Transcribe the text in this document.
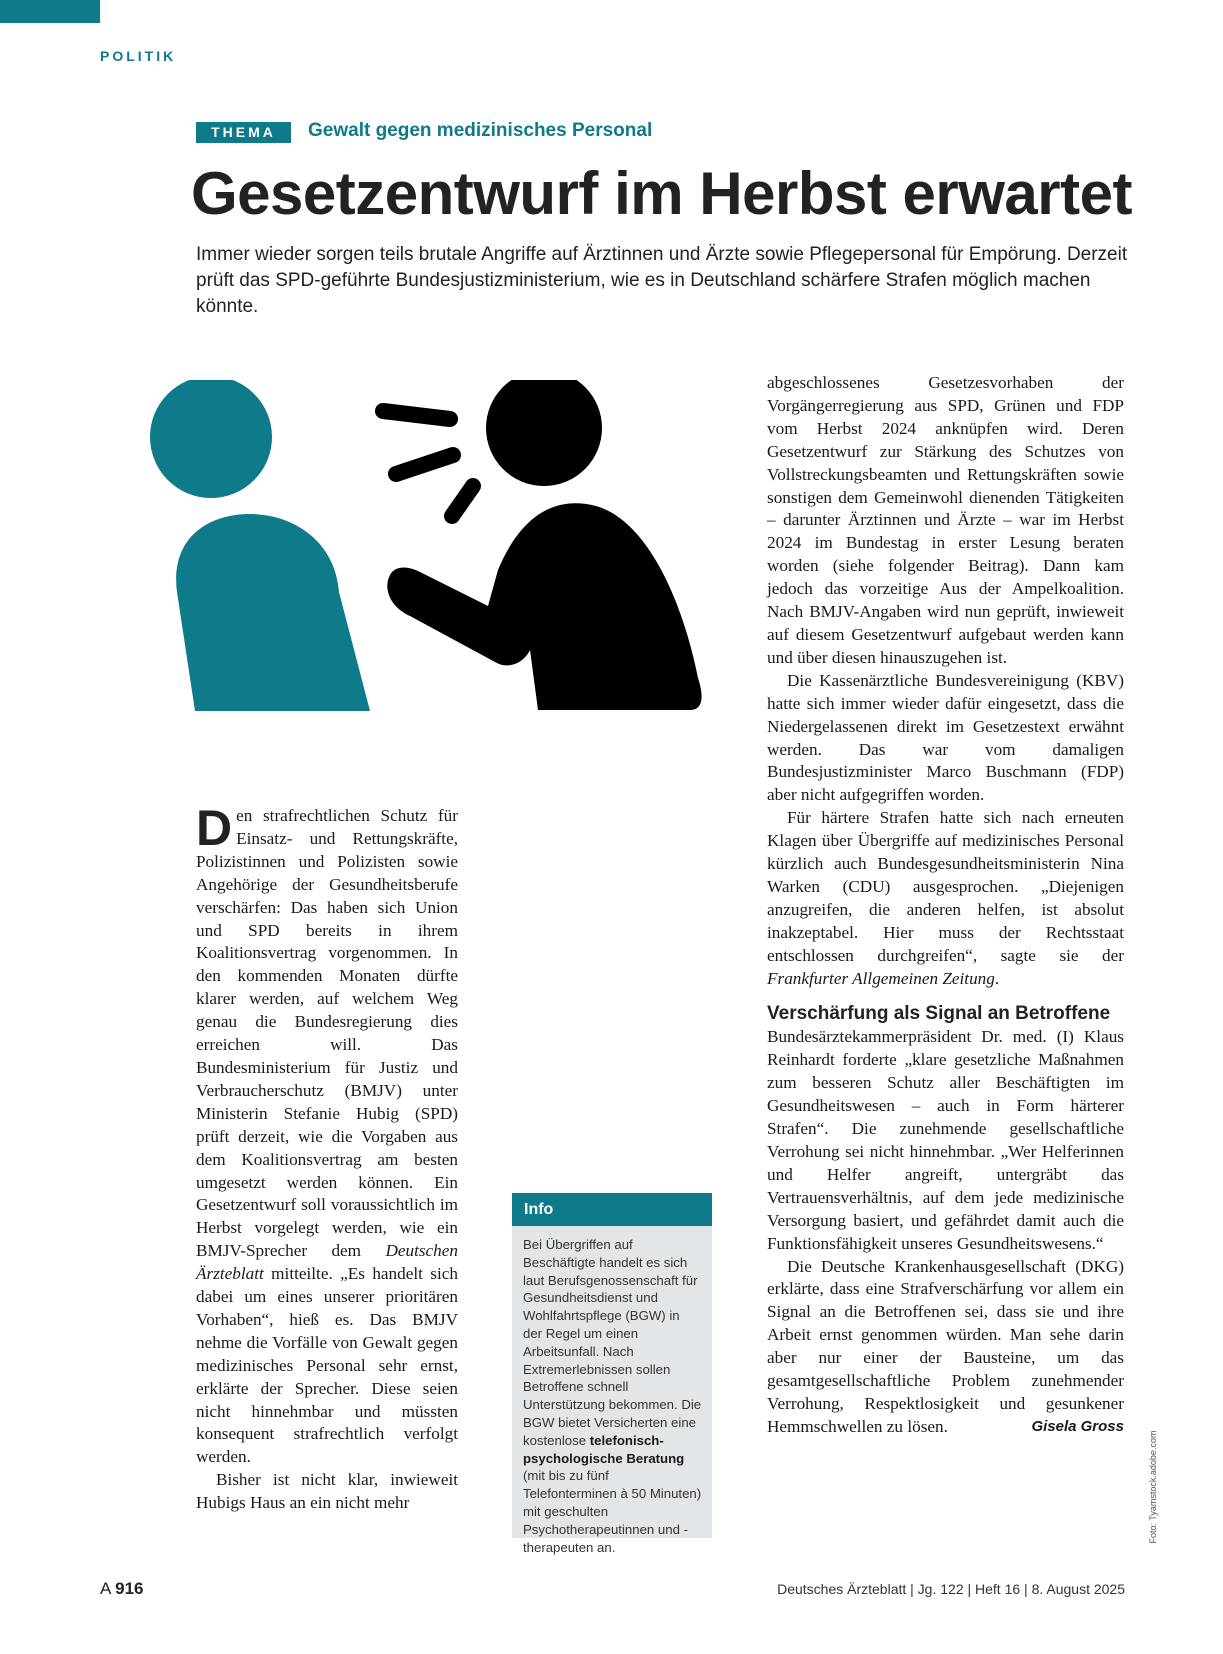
POLITIK
THEMA	Gewalt gegen medizinisches Personal
Gesetzentwurf im Herbst erwartet

Immer wieder sorgen teils brutale Angriffe auf Ärztinnen und Ärzte sowie Pflegepersonal für Empörung. Derzeit prüft das SPD-geführte Bundesjustizministerium, wie es in Deutschland schärfere Strafen möglich machen könnte.

Den strafrechtlichen Schutz für Einsatz- und Rettungskräfte, Polizistinnen und Polizisten sowie Angehörige der Gesundheitsberufe verschärfen: Das haben sich Union und SPD bereits in ihrem Koalitionsvertrag vorgenommen. In den kommenden Monaten dürfte klarer werden, auf welchem Weg genau die Bundesregierung dies erreichen will. Das Bundesministerium für Justiz und Verbraucherschutz (BMJV) unter Ministerin Stefanie Hubig (SPD) prüft derzeit, wie die Vorgaben aus dem Koalitionsvertrag am besten umgesetzt werden können. Ein Gesetzentwurf soll voraussichtlich im Herbst vorgelegt werden, wie ein BMJV-Sprecher dem Deutschen Ärzteblatt mitteilte. „Es handelt sich dabei um eines unserer prioritären Vorhaben“, hieß es. Das BMJV nehme die Vorfälle von Gewalt gegen medizinisches Personal sehr ernst, erklärte der Sprecher. Diese seien nicht hinnehmbar und müssten konsequent strafrechtlich verfolgt werden.

Bisher ist nicht klar, inwieweit Hubigs Haus an ein nicht mehr

Info
Bei Übergriffen auf Beschäftigte handelt es sich laut Berufsgenossenschaft für Gesundheitsdienst und Wohlfahrtspflege (BGW) in der Regel um einen Arbeitsunfall. Nach Extremerlebnissen sollen Betroffene schnell Unterstützung bekommen. Die BGW bietet Versicherten eine kostenlose telefonisch-psychologische Beratung (mit bis zu fünf Telefonterminen à 50 Minuten) mit geschulten Psychotherapeutinnen und -therapeuten an.

abgeschlossenes Gesetzesvorhaben der Vorgängerregierung aus SPD, Grünen und FDP vom Herbst 2024 anknüpfen wird. Deren Gesetzentwurf zur Stärkung des Schutzes von Vollstreckungsbeamten und Rettungskräften sowie sonstigen dem Gemeinwohl dienenden Tätigkeiten – darunter Ärztinnen und Ärzte – war im Herbst 2024 im Bundestag in erster Lesung beraten worden (siehe folgender Beitrag). Dann kam jedoch das vorzeitige Aus der Ampelkoalition. Nach BMJV-Angaben wird nun geprüft, inwieweit auf diesem Gesetzentwurf aufgebaut werden kann und über diesen hinauszugehen ist.

Die Kassenärztliche Bundesvereinigung (KBV) hatte sich immer wieder dafür eingesetzt, dass die Niedergelassenen direkt im Gesetzestext erwähnt werden. Das war vom damaligen Bundesjustizminister Marco Buschmann (FDP) aber nicht aufgegriffen worden.

Für härtere Strafen hatte sich nach erneuten Klagen über Übergriffe auf medizinisches Personal kürzlich auch Bundesgesundheitsministerin Nina Warken (CDU) ausgesprochen. „Diejenigen anzugreifen, die anderen helfen, ist absolut inakzeptabel. Hier muss der Rechtsstaat entschlossen durchgreifen“, sagte sie der Frankfurter Allgemeinen Zeitung.

Verschärfung als Signal an Betroffene

Bundesärztekammerpräsident Dr. med. (I) Klaus Reinhardt forderte „klare gesetzliche Maßnahmen zum besseren Schutz aller Beschäftigten im Gesundheitswesen – auch in Form härterer Strafen“. Die zunehmende gesellschaftliche Verrohung sei nicht hinnehmbar. „Wer Helferinnen und Helfer angreift, untergräbt das Vertrauensverhältnis, auf dem jede medizinische Versorgung basiert, und gefährdet damit auch die Funktionsfähigkeit unseres Gesundheitswesens.“

Die Deutsche Krankenhausgesellschaft (DKG) erklärte, dass eine Strafverschärfung vor allem ein Signal an die Betroffenen sei, dass sie und ihre Arbeit ernst genommen würden. Man sehe darin aber nur einer der Bausteine, um das gesamtgesellschaftliche Problem zunehmender Verrohung, Respektlosigkeit und gesunkener Hemmschwellen zu lösen.	Gisela Gross

Foto: Tyamstock.adobe.com
A 916	Deutsches Ärzteblatt | Jg. 122 | Heft 16 | 8. August 2025
